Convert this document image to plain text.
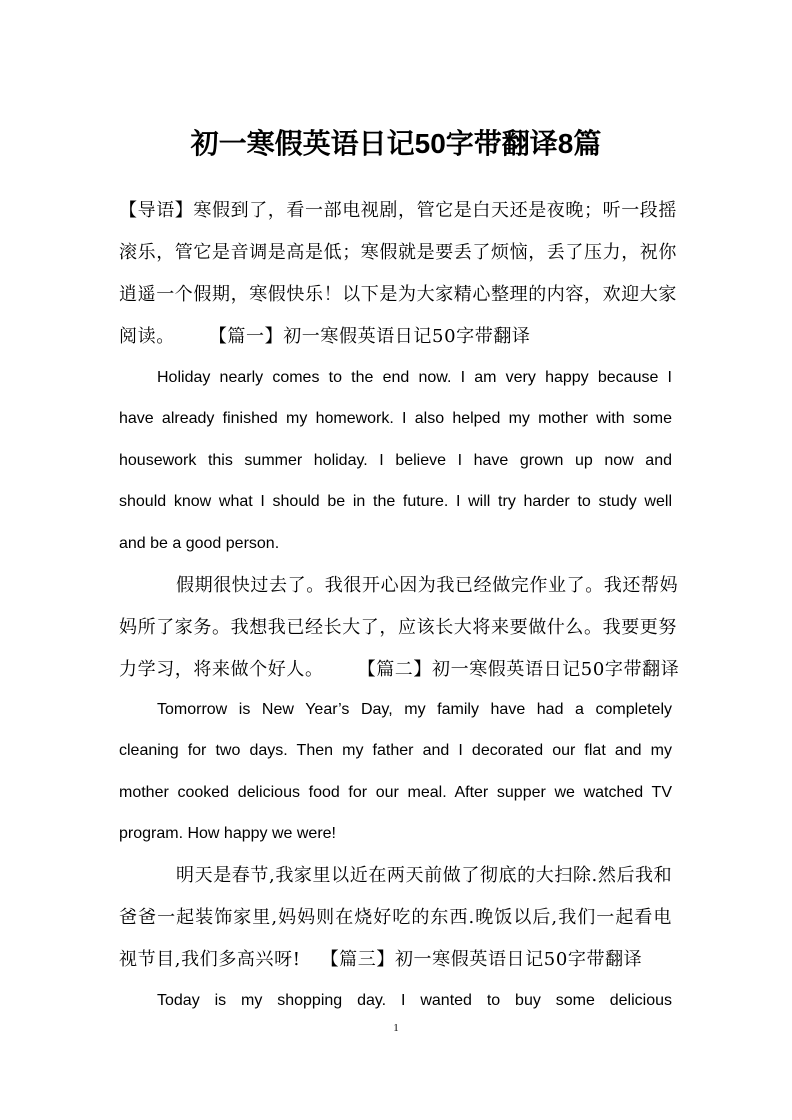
初一寒假英语日记50字带翻译8篇

【导语】寒假到了，看一部电视剧，管它是白天还是夜晚；听一段摇

滚乐，管它是音调是高是低；寒假就是要丢了烦恼，丢了压力，祝你

逍遥一个假期，寒假快乐！以下是为大家精心整理的内容，欢迎大家

阅读。 【篇一】初一寒假英语日记50字带翻译

Holiday nearly comes to the end now. I am very happy because I

have already finished my homework. I also helped my mother with some

housework this summer holiday. I believe I have grown up now and

should know what I should be in the future. I will try harder to study well

and be a good person.

假期很快过去了。我很开心因为我已经做完作业了。我还帮妈

妈所了家务。我想我已经长大了，应该长大将来要做什么。我要更努

力学习，将来做个好人。 【篇二】初一寒假英语日记50字带翻译

Tomorrow is New Year’s Day, my family have had a completely

cleaning for two days. Then my father and I decorated our flat and my

mother cooked delicious food for our meal. After supper we watched TV

program. How happy we were!

明天是春节,我家里以近在两天前做了彻底的大扫除.然后我和

爸爸一起装饰家里,妈妈则在烧好吃的东西.晚饭以后,我们一起看电

视节目,我们多高兴呀! 【篇三】初一寒假英语日记50字带翻译

Today is my shopping day. I wanted to buy some delicious

1
